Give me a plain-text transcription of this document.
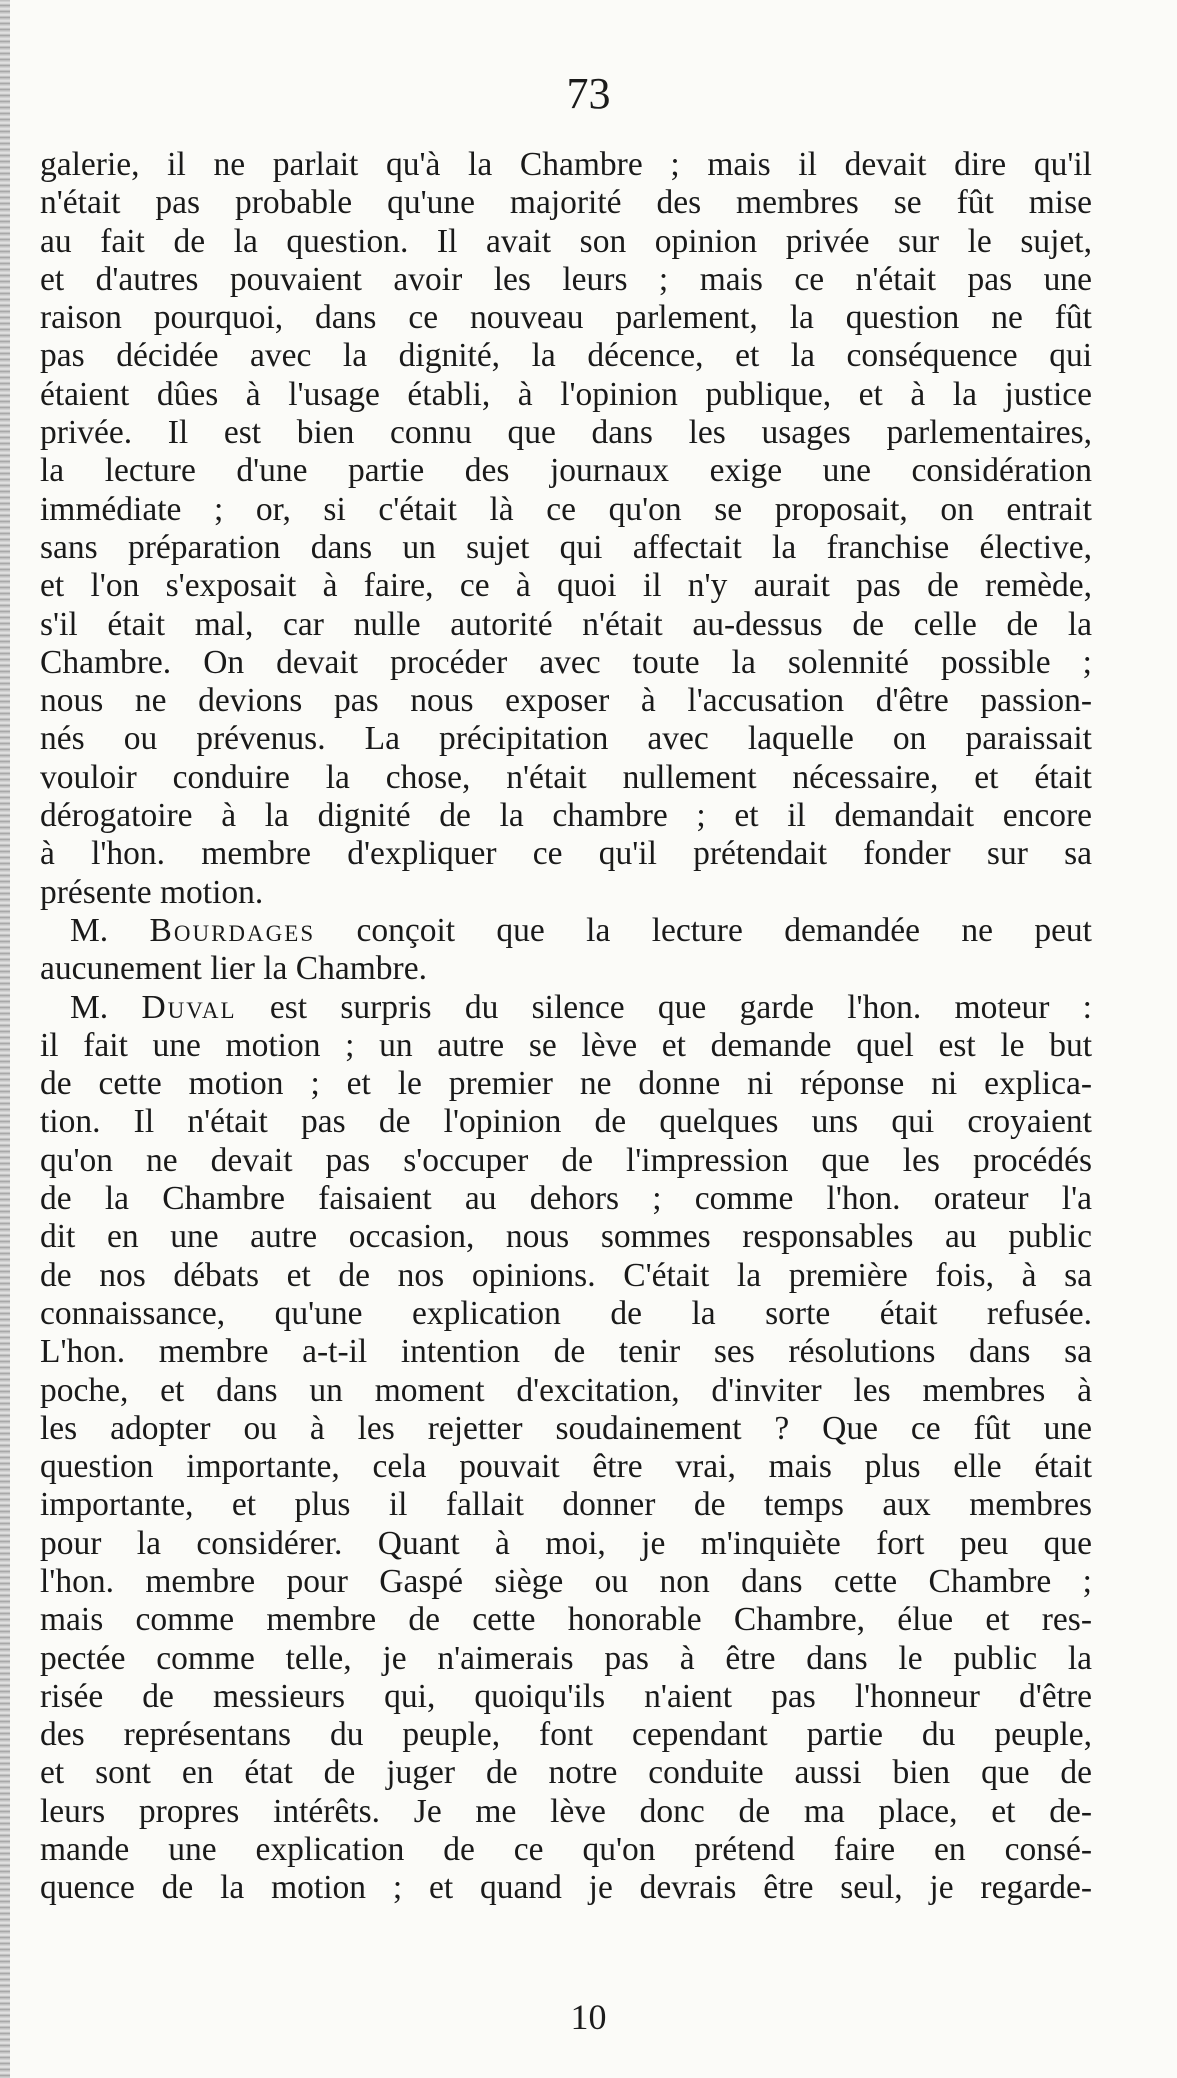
73
galerie, il ne parlait qu'à la Chambre ; mais il devait dire qu'il
n'était pas probable qu'une majorité des membres se fût mise
au fait de la question. Il avait son opinion privée sur le sujet,
et d'autres pouvaient avoir les leurs ; mais ce n'était pas une
raison pourquoi, dans ce nouveau parlement, la question ne fût
pas décidée avec la dignité, la décence, et la conséquence qui
étaient dûes à l'usage établi, à l'opinion publique, et à la justice
privée. Il est bien connu que dans les usages parlementaires,
la lecture d'une partie des journaux exige une considération
immédiate ; or, si c'était là ce qu'on se proposait, on entrait
sans préparation dans un sujet qui affectait la franchise élective,
et l'on s'exposait à faire, ce à quoi il n'y aurait pas de remède,
s'il était mal, car nulle autorité n'était au-dessus de celle de la
Chambre. On devait procéder avec toute la solennité possible ;
nous ne devions pas nous exposer à l'accusation d'être passion-
nés ou prévenus. La précipitation avec laquelle on paraissait
vouloir conduire la chose, n'était nullement nécessaire, et était
dérogatoire à la dignité de la chambre ; et il demandait encore
à l'hon. membre d'expliquer ce qu'il prétendait fonder sur sa
présente motion.
M. Bourdages conçoit que la lecture demandée ne peut
aucunement lier la Chambre.
M. Duval est surpris du silence que garde l'hon. moteur :
il fait une motion ; un autre se lève et demande quel est le but
de cette motion ; et le premier ne donne ni réponse ni explica-
tion. Il n'était pas de l'opinion de quelques uns qui croyaient
qu'on ne devait pas s'occuper de l'impression que les procédés
de la Chambre faisaient au dehors ; comme l'hon. orateur l'a
dit en une autre occasion, nous sommes responsables au public
de nos débats et de nos opinions. C'était la première fois, à sa
connaissance, qu'une explication de la sorte était refusée.
L'hon. membre a-t-il intention de tenir ses résolutions dans sa
poche, et dans un moment d'excitation, d'inviter les membres à
les adopter ou à les rejetter soudainement ? Que ce fût une
question importante, cela pouvait être vrai, mais plus elle était
importante, et plus il fallait donner de temps aux membres
pour la considérer. Quant à moi, je m'inquiète fort peu que
l'hon. membre pour Gaspé siège ou non dans cette Chambre ;
mais comme membre de cette honorable Chambre, élue et res-
pectée comme telle, je n'aimerais pas à être dans le public la
risée de messieurs qui, quoiqu'ils n'aient pas l'honneur d'être
des représentans du peuple, font cependant partie du peuple,
et sont en état de juger de notre conduite aussi bien que de
leurs propres intérêts. Je me lève donc de ma place, et de-
mande une explication de ce qu'on prétend faire en consé-
quence de la motion ; et quand je devrais être seul, je regarde-
10
